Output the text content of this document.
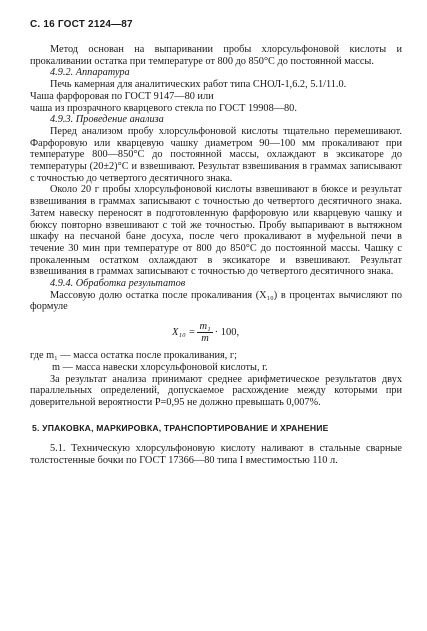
С. 16 ГОСТ 2124—87

Метод основан на выпаривании пробы хлорсульфоновой кислоты и прокаливании остатка при температуре от 800 до 850°С до постоянной массы.

4.9.2. Аппаратура

Печь камерная для аналитических работ типа СНОЛ-1,6.2, 5.1/11.0.

Чаша фарфоровая по ГОСТ 9147—80 или

чаша из прозрачного кварцевого стекла по ГОСТ 19908—80.

4.9.3. Проведение анализа

Перед анализом пробу хлорсульфоновой кислоты тщательно перемешивают. Фарфоровую или кварцевую чашку диаметром 90—100 мм прокаливают при температуре 800—850°С до постоянной массы, охлаждают в эксикаторе до температуры (20±2)°С и взвешивают. Результат взвешивания в граммах записывают с точностью до четвертого десятичного знака.

Около 20 г пробы хлорсульфоновой кислоты взвешивают в бюксе и результат взвешивания в граммах записывают с точностью до четвертого десятичного знака. Затем навеску переносят в подготовленную фарфоровую или кварцевую чашку и бюксу повторно взвешивают с той же точностью. Пробу выпаривают в вытяжном шкафу на песчаной бане досуха, после чего прокаливают в муфельной печи в течение 30 мин при температуре от 800 до 850°С до постоянной массы. Чашку с прокаленным остатком охлаждают в эксикаторе и взвешивают. Результат взвешивания в граммах записывают с точностью до четвертого десятичного знака.

4.9.4. Обработка результатов

Массовую долю остатка после прокаливания (X₁₀) в процентах вычисляют по формуле

$X_{10} = \frac{\text{m₁}}{m} \cdot 100$,

где m₁ — масса остатка после прокаливания, г;

m — масса навески хлорсульфоновой кислоты, г.

За результат анализа принимают среднее арифметическое результатов двух параллельных определений, допускаемое расхождение между которыми при доверительной вероятности P=0,95 не должно превышать 0,007%.

5. УПАКОВКА, МАРКИРОВКА, ТРАНСПОРТИРОВАНИЕ И ХРАНЕНИЕ

5.1. Техническую хлорсульфоновую кислоту наливают в стальные сварные толстостенные бочки по ГОСТ 17366—80 типа I вместимостью 110 л.
